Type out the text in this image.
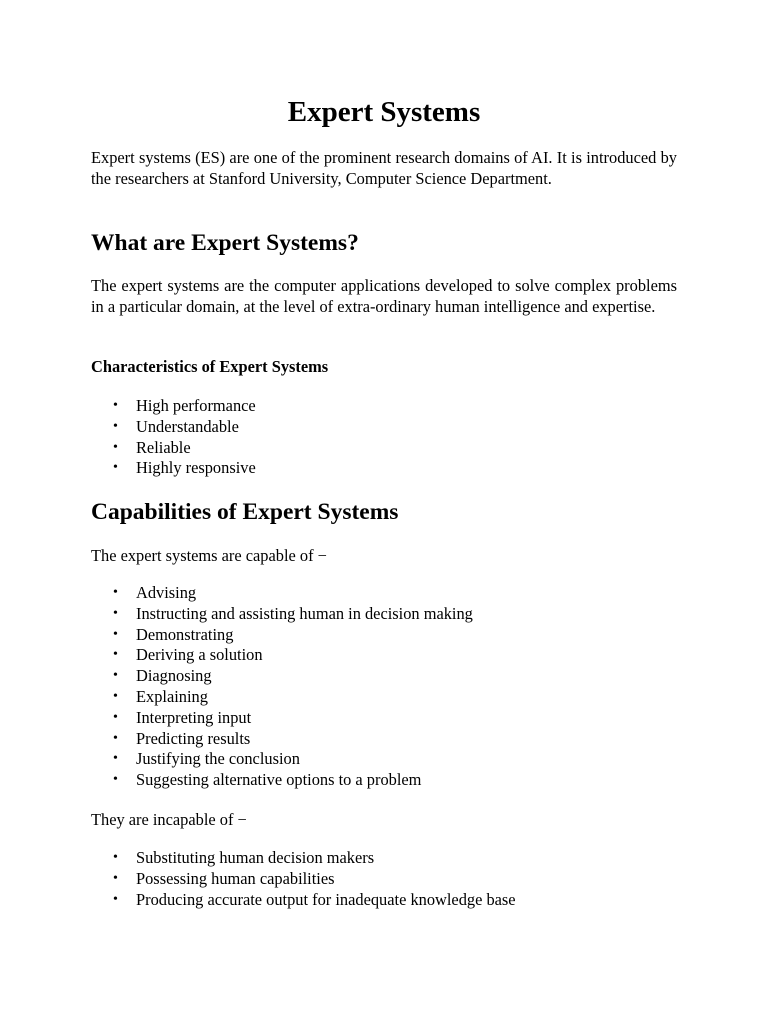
Expert Systems

Expert systems (ES) are one of the prominent research domains of AI. It is introduced by the researchers at Stanford University, Computer Science Department.

What are Expert Systems?

The expert systems are the computer applications developed to solve complex problems in a particular domain, at the level of extra-ordinary human intelligence and expertise.

Characteristics of Expert Systems
• High performance
• Understandable
• Reliable
• Highly responsive
Capabilities of Expert Systems

The expert systems are capable of −

• Advising
• Instructing and assisting human in decision making
• Demonstrating
• Deriving a solution
• Diagnosing
• Explaining
• Interpreting input
• Predicting results
• Justifying the conclusion
• Suggesting alternative options to a problem

They are incapable of −

• Substituting human decision makers
• Possessing human capabilities
• Producing accurate output for inadequate knowledge base
